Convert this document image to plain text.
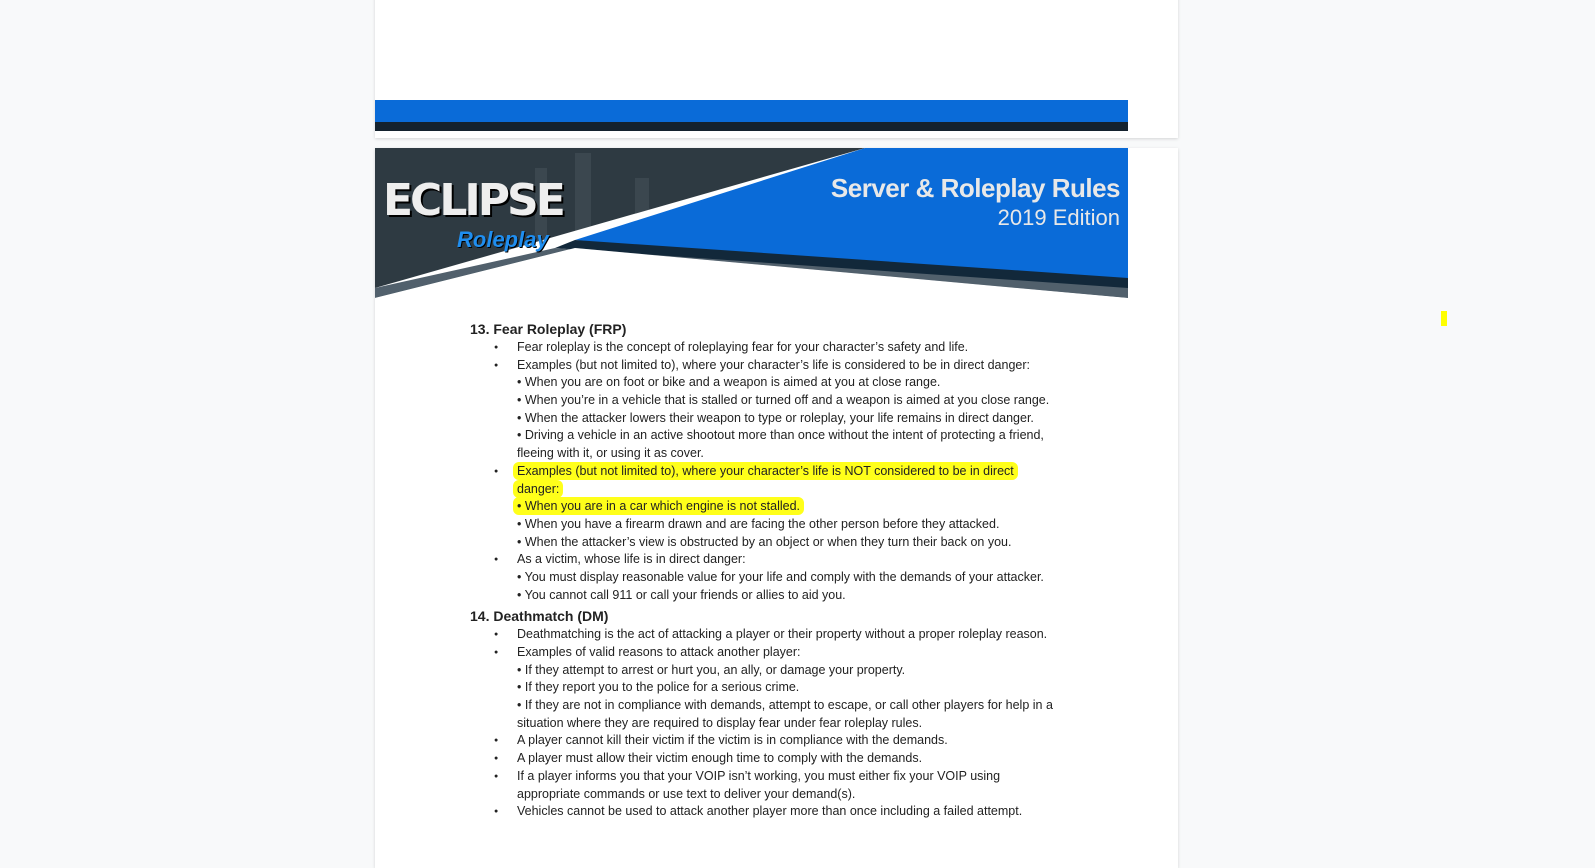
ECLIPSE
Roleplay
Server & Roleplay Rules
2019 Edition
13. Fear Roleplay (FRP)
● Fear roleplay is the concept of roleplaying fear for your character’s safety and life.
● Examples (but not limited to), where your character’s life is considered to be in direct danger:
• When you are on foot or bike and a weapon is aimed at you at close range.
• When you’re in a vehicle that is stalled or turned off and a weapon is aimed at you close range.
• When the attacker lowers their weapon to type or roleplay, your life remains in direct danger.
• Driving a vehicle in an active shootout more than once without the intent of protecting a friend,
fleeing with it, or using it as cover.
● Examples (but not limited to), where your character’s life is NOT considered to be in direct
danger:
• When you are in a car which engine is not stalled.
• When you have a firearm drawn and are facing the other person before they attacked.
• When the attacker’s view is obstructed by an object or when they turn their back on you.
● As a victim, whose life is in direct danger:
• You must display reasonable value for your life and comply with the demands of your attacker.
• You cannot call 911 or call your friends or allies to aid you.
14. Deathmatch (DM)
● Deathmatching is the act of attacking a player or their property without a proper roleplay reason.
● Examples of valid reasons to attack another player:
• If they attempt to arrest or hurt you, an ally, or damage your property.
• If they report you to the police for a serious crime.
• If they are not in compliance with demands, attempt to escape, or call other players for help in a
situation where they are required to display fear under fear roleplay rules.
● A player cannot kill their victim if the victim is in compliance with the demands.
● A player must allow their victim enough time to comply with the demands.
● If a player informs you that your VOIP isn’t working, you must either fix your VOIP using
appropriate commands or use text to deliver your demand(s).
● Vehicles cannot be used to attack another player more than once including a failed attempt.
